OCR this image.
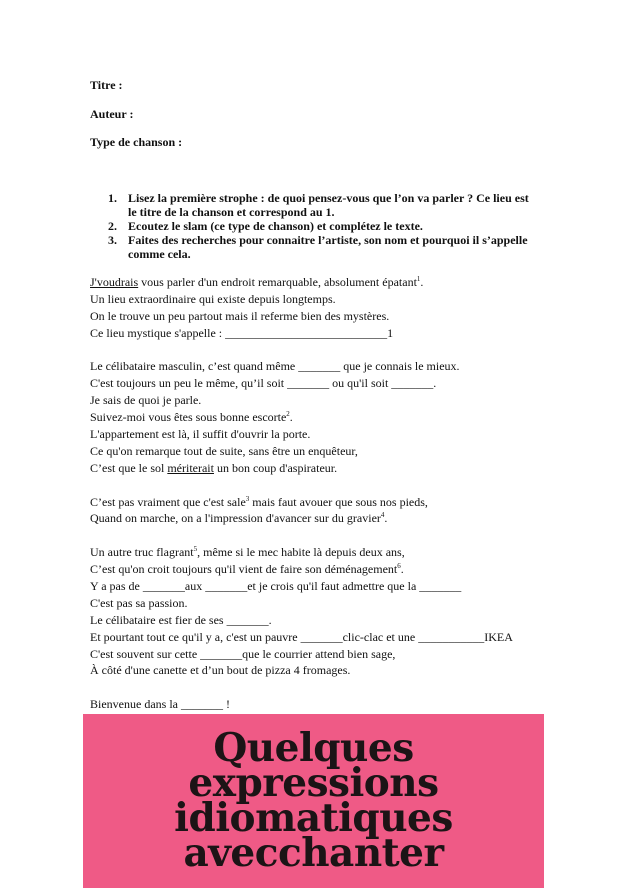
Titre :
Auteur :
Type de chanson :
1. Lisez la première strophe : de quoi pensez-vous que l’on va parler ? Ce lieu est le titre de la chanson et correspond au 1.
2. Ecoutez le slam (ce type de chanson) et complétez le texte.
3. Faites des recherches pour connaitre l’artiste, son nom et pourquoi il s’appelle comme cela.
J'voudrais vous parler d'un endroit remarquable, absolument épatant$^1$.
Un lieu extraordinaire qui existe depuis longtemps.
On le trouve un peu partout mais il referme bien des mystères.
Ce lieu mystique s'appelle : ___________________________1
Le célibataire masculin, c’est quand même _______ que je connais le mieux.
C'est toujours un peu le même, qu’il soit _______ ou qu'il soit _______.
Je sais de quoi je parle.
Suivez-moi vous êtes sous bonne escorte$^2$.
L'appartement est là, il suffit d'ouvrir la porte.
Ce qu'on remarque tout de suite, sans être un enquêteur,
C’est que le sol mériterait un bon coup d'aspirateur.
C’est pas vraiment que c'est sale$^3$ mais faut avouer que sous nos pieds,
Quand on marche, on a l'impression d'avancer sur du gravier$^4$.
Un autre truc flagrant$^5$, même si le mec habite là depuis deux ans,
C’est qu'on croit toujours qu'il vient de faire son déménagement$^6$.
Y a pas de _______aux _______et je crois qu'il faut admettre que la _______
C'est pas sa passion.
Le célibataire est fier de ses _______.
Et pourtant tout ce qu'il y a, c'est un pauvre _______clic-clac et une ___________IKEA
C'est souvent sur cette _______que le courrier attend bien sage,
À côté d'une canette et d’un bout de pizza 4 fromages.
Bienvenue dans la _______ !
Quelques
expressions
idiomatiques
avecchanter
